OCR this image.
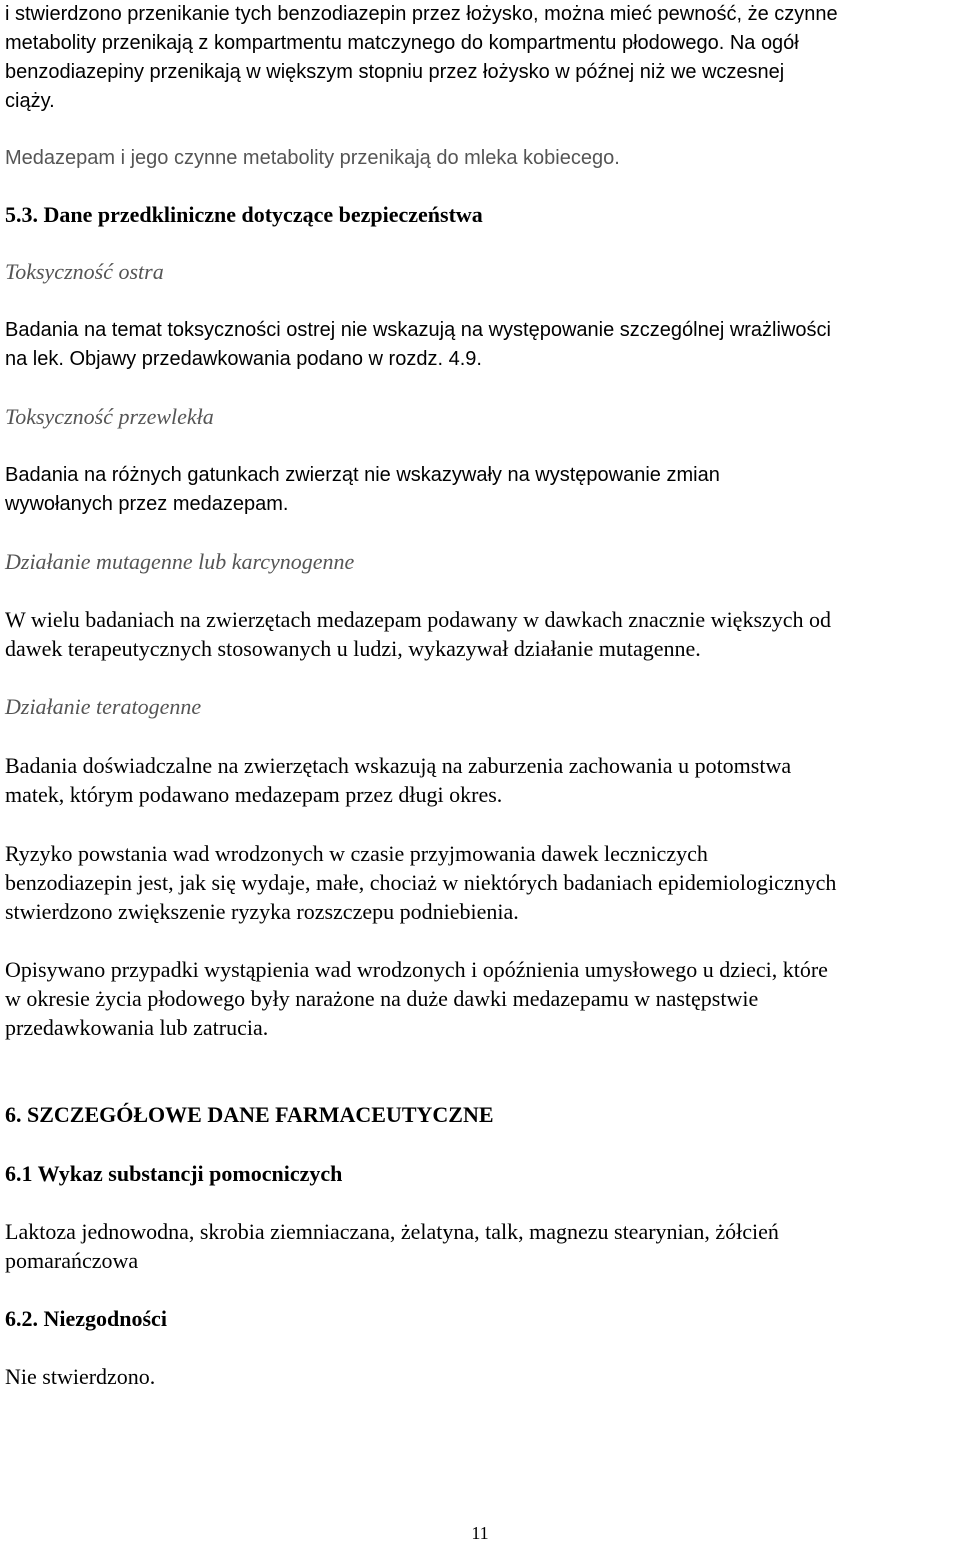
i stwierdzono przenikanie tych benzodiazepin przez łożysko, można mieć pewność, że czynne
metabolity przenikają z kompartmentu matczynego do kompartmentu płodowego. Na ogół
benzodiazepiny przenikają w większym stopniu przez łożysko w późnej niż we wczesnej
ciąży.
Medazepam i jego czynne metabolity przenikają do mleka kobiecego.
5.3. Dane przedkliniczne dotyczące bezpieczeństwa
Toksyczność ostra
Badania na temat toksyczności ostrej nie wskazują na występowanie szczególnej wrażliwości
na lek. Objawy przedawkowania podano w rozdz. 4.9.
Toksyczność przewlekła
Badania na różnych gatunkach zwierząt nie wskazywały na występowanie zmian
wywołanych przez medazepam.
Działanie mutagenne lub karcynogenne
W wielu badaniach na zwierzętach medazepam podawany w dawkach znacznie większych od
dawek terapeutycznych stosowanych u ludzi, wykazywał działanie mutagenne.
Działanie teratogenne
Badania doświadczalne na zwierzętach wskazują na zaburzenia zachowania u potomstwa
matek, którym podawano medazepam przez długi okres.
Ryzyko powstania wad wrodzonych w czasie przyjmowania dawek leczniczych
benzodiazepin jest, jak się wydaje, małe, chociaż w niektórych badaniach epidemiologicznych
stwierdzono zwiększenie ryzyka rozszczepu podniebienia.
Opisywano przypadki wystąpienia wad wrodzonych i opóźnienia umysłowego u dzieci, które
w okresie życia płodowego były narażone na duże dawki medazepamu w następstwie
przedawkowania lub zatrucia.
6. SZCZEGÓŁOWE DANE FARMACEUTYCZNE
6.1 Wykaz substancji pomocniczych
Laktoza jednowodna, skrobia ziemniaczana, żelatyna, talk, magnezu stearynian, żółcień
pomarańczowa
6.2. Niezgodności
Nie stwierdzono.
11
